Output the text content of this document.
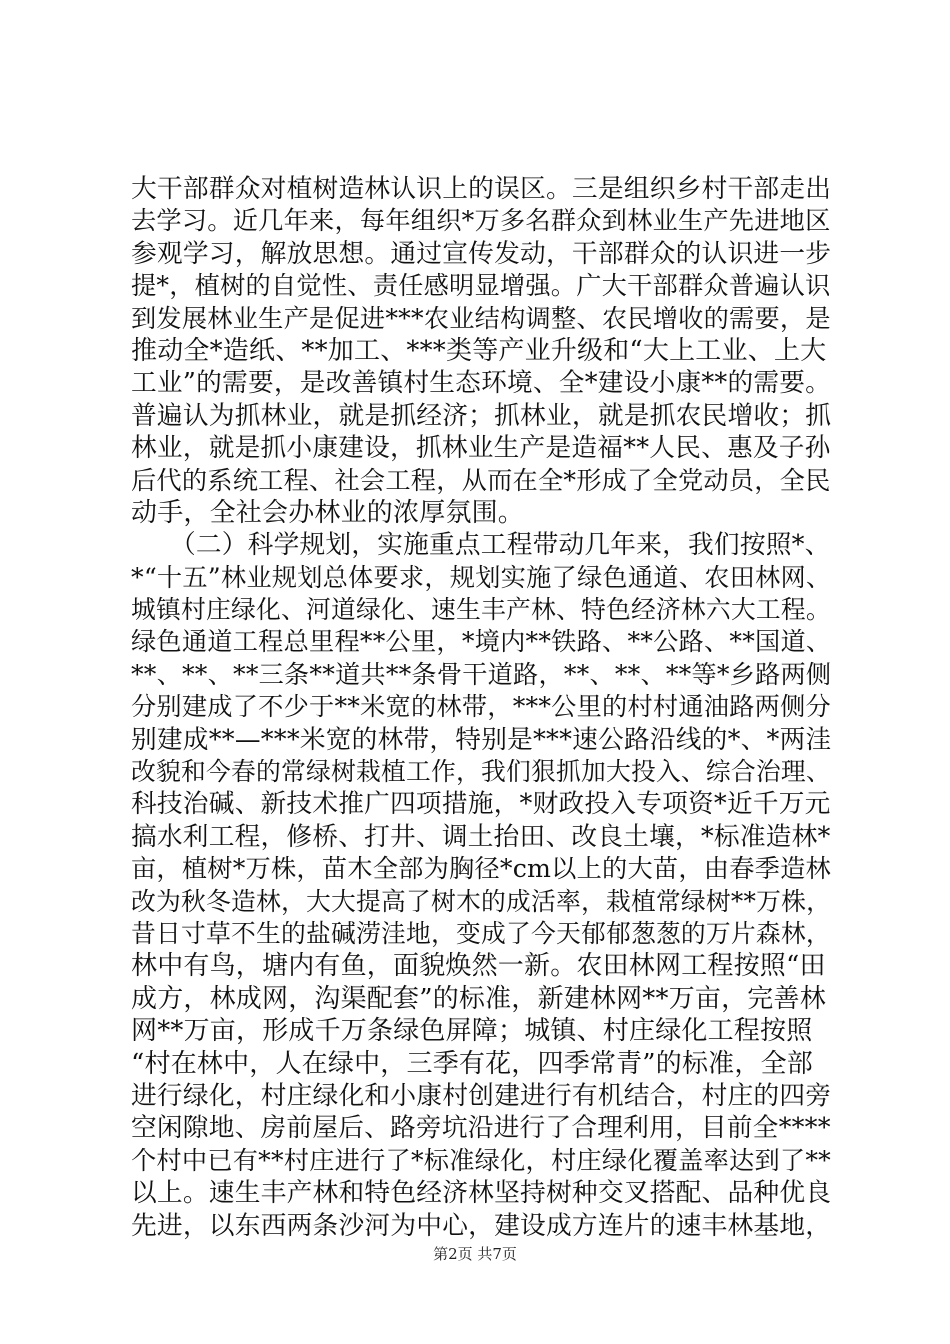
大干部群众对植树造林认识上的误区。三是组织乡村干部走出
去学习。近几年来，每年组织*万多名群众到林业生产先进地区
参观学习，解放思想。通过宣传发动，干部群众的认识进一步
提*，植树的自觉性、责任感明显增强。广大干部群众普遍认识
到发展林业生产是促进***农业结构调整、农民增收的需要，是
推动全*造纸、**加工、***类等产业升级和“大上工业、上大
工业”的需要，是改善镇村生态环境、全*建设小康**的需要。
普遍认为抓林业，就是抓经济；抓林业，就是抓农民增收；抓
林业，就是抓小康建设，抓林业生产是造福**人民、惠及子孙
后代的系统工程、社会工程，从而在全*形成了全党动员，全民
动手，全社会办林业的浓厚氛围。
　　（二）科学规划，实施重点工程带动几年来，我们按照*、
*“十五”林业规划总体要求，规划实施了绿色通道、农田林网、
城镇村庄绿化、河道绿化、速生丰产林、特色经济林六大工程。
绿色通道工程总里程**公里，*境内**铁路、**公路、**国道、
**、**、**三条**道共**条骨干道路，**、**、**等*乡路两侧
分别建成了不少于**米宽的林带，***公里的村村通油路两侧分
别建成**—***米宽的林带，特别是***速公路沿线的*、*两洼
改貌和今春的常绿树栽植工作，我们狠抓加大投入、综合治理、
科技治碱、新技术推广四项措施，*财政投入专项资*近千万元
搞水利工程，修桥、打井、调土抬田、改良土壤，*标准造林*
亩，植树*万株，苗木全部为胸径*cm以上的大苗，由春季造林
改为秋冬造林，大大提高了树木的成活率，栽植常绿树**万株，
昔日寸草不生的盐碱涝洼地，变成了今天郁郁葱葱的万片森林，
林中有鸟，塘内有鱼，面貌焕然一新。农田林网工程按照“田
成方，林成网，沟渠配套”的标准，新建林网**万亩，完善林
网**万亩，形成千万条绿色屏障；城镇、村庄绿化工程按照
“村在林中，人在绿中，三季有花，四季常青”的标准，全部
进行绿化，村庄绿化和小康村创建进行有机结合，村庄的四旁
空闲隙地、房前屋后、路旁坑沿进行了合理利用，目前全****
个村中已有**村庄进行了*标准绿化，村庄绿化覆盖率达到了**
以上。速生丰产林和特色经济林坚持树种交叉搭配、品种优良
先进，以东西两条沙河为中心，建设成方连片的速丰林基地，
第2页 共7页
